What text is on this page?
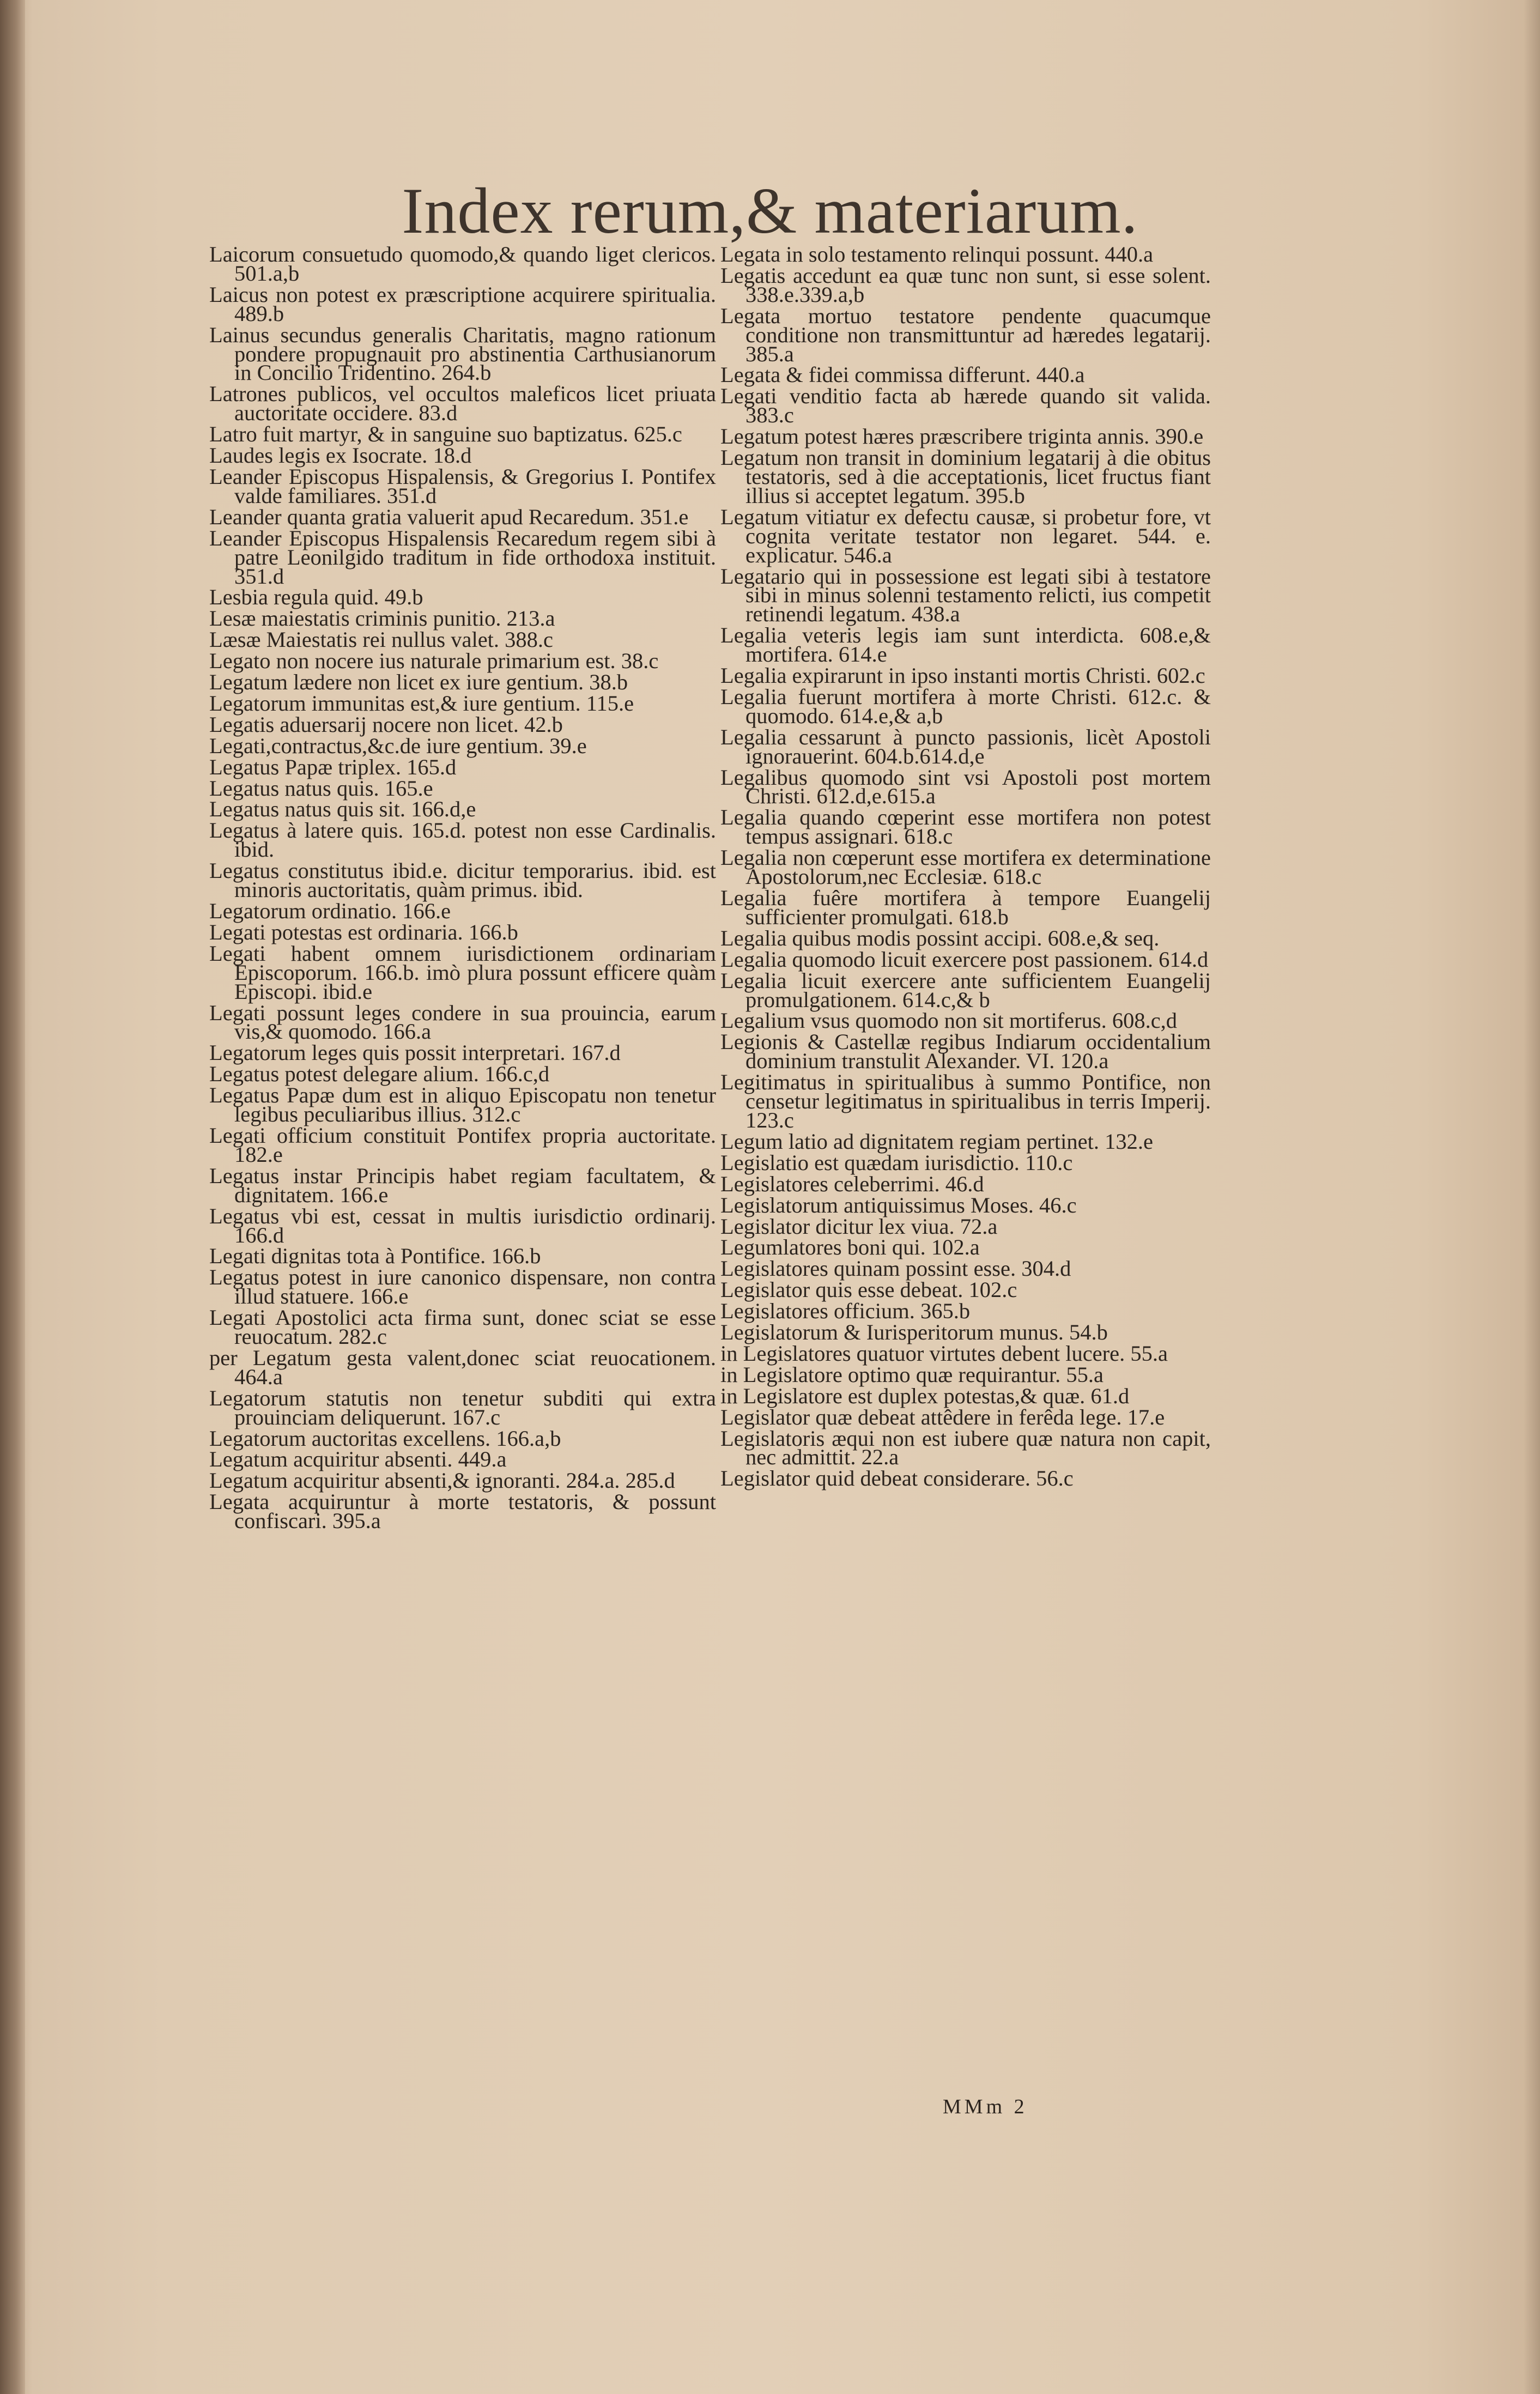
Index rerum,& materiarum.

Laicorum consuetudo quomodo,& quando liget clericos. 501.a,b

Laicus non potest ex præscriptione acquirere spiritualia. 489.b

Lainus secundus generalis Charitatis, magno rationum pondere propugnauit pro abstinentia Carthusianorum in Concilio Tridentino. 264.b

Latrones publicos, vel occultos maleficos licet priuata auctoritate occidere. 83.d

Latro fuit martyr, & in sanguine suo baptizatus. 625.c

Laudes legis ex Isocrate. 18.d

Leander Episcopus Hispalensis, & Gregorius I. Pontifex valde familiares. 351.d

Leander quanta gratia valuerit apud Recaredum. 351.e

Leander Episcopus Hispalensis Recaredum regem sibi à patre Leonilgido traditum in fide orthodoxa instituit. 351.d

Lesbia regula quid. 49.b

Lesæ maiestatis criminis punitio. 213.a

Læsæ Maiestatis rei nullus valet. 388.c

Legato non nocere ius naturale primarium est. 38.c

Legatum lædere non licet ex iure gentium. 38.b

Legatorum immunitas est,& iure gentium. 115.e

Legatis aduersarij nocere non licet. 42.b

Legati,contractus,&c.de iure gentium. 39.e

Legatus Papæ triplex. 165.d

Legatus natus quis. 165.e

Legatus natus quis sit. 166.d,e

Legatus à latere quis. 165.d. potest non esse Cardinalis. ibid.

Legatus constitutus ibid.e. dicitur temporarius. ibid. est minoris auctoritatis, quàm primus. ibid.

Legatorum ordinatio. 166.e

Legati potestas est ordinaria. 166.b

Legati habent omnem iurisdictionem ordinariam Episcoporum. 166.b. imò plura possunt efficere quàm Episcopi. ibid.e

Legati possunt leges condere in sua prouincia, earum vis,& quomodo. 166.a

Legatorum leges quis possit interpretari. 167.d

Legatus potest delegare alium. 166.c,d

Legatus Papæ dum est in aliquo Episcopatu non tenetur legibus peculiaribus illius. 312.c

Legati officium constituit Pontifex propria auctoritate. 182.e

Legatus instar Principis habet regiam facultatem, & dignitatem. 166.e

Legatus vbi est, cessat in multis iurisdictio ordinarij. 166.d

Legati dignitas tota à Pontifice. 166.b

Legatus potest in iure canonico dispensare, non contra illud statuere. 166.e

Legati Apostolici acta firma sunt, donec sciat se esse reuocatum. 282.c

per Legatum gesta valent,donec sciat reuocationem. 464.a

Legatorum statutis non tenetur subditi qui extra prouinciam deliquerunt. 167.c

Legatorum auctoritas excellens. 166.a,b

Legatum acquiritur absenti. 449.a

Legatum acquiritur absenti,& ignoranti. 284.a. 285.d

Legata acquiruntur à morte testatoris, & possunt confiscari. 395.a

Legata in solo testamento relinqui possunt. 440.a

Legatis accedunt ea quæ tunc non sunt, si esse solent. 338.e.339.a,b

Legata mortuo testatore pendente quacumque conditione non transmittuntur ad hæredes legatarij. 385.a

Legata & fidei commissa differunt. 440.a

Legati venditio facta ab hærede quando sit valida. 383.c

Legatum potest hæres præscribere triginta annis. 390.e

Legatum non transit in dominium legatarij à die obitus testatoris, sed à die acceptationis, licet fructus fiant illius si acceptet legatum. 395.b

Legatum vitiatur ex defectu causæ, si probetur fore, vt cognita veritate testator non legaret. 544. e. explicatur. 546.a

Legatario qui in possessione est legati sibi à testatore sibi in minus solenni testamento relicti, ius competit retinendi legatum. 438.a

Legalia veteris legis iam sunt interdicta. 608.e,& mortifera. 614.e

Legalia expirarunt in ipso instanti mortis Christi. 602.c

Legalia fuerunt mortifera à morte Christi. 612.c. & quomodo. 614.e,& a,b

Legalia cessarunt à puncto passionis, licèt Apostoli ignorauerint. 604.b.614.d,e

Legalibus quomodo sint vsi Apostoli post mortem Christi. 612.d,e.615.a

Legalia quando cœperint esse mortifera non potest tempus assignari. 618.c

Legalia non cœperunt esse mortifera ex determinatione Apostolorum,nec Ecclesiæ. 618.c

Legalia fuêre mortifera à tempore Euangelij sufficienter promulgati. 618.b

Legalia quibus modis possint accipi. 608.e,& seq.

Legalia quomodo licuit exercere post passionem. 614.d

Legalia licuit exercere ante sufficientem Euangelij promulgationem. 614.c,& b

Legalium vsus quomodo non sit mortiferus. 608.c,d

Legionis & Castellæ regibus Indiarum occidentalium dominium transtulit Alexander. VI. 120.a

Legitimatus in spiritualibus à summo Pontifice, non censetur legitimatus in spiritualibus in terris Imperij. 123.c

Legum latio ad dignitatem regiam pertinet. 132.e

Legislatio est quædam iurisdictio. 110.c

Legislatores celeberrimi. 46.d

Legislatorum antiquissimus Moses. 46.c

Legislator dicitur lex viua. 72.a

Legumlatores boni qui. 102.a

Legislatores quinam possint esse. 304.d

Legislator quis esse debeat. 102.c

Legislatores officium. 365.b

Legislatorum & Iurisperitorum munus. 54.b

in Legislatores quatuor virtutes debent lucere. 55.a

in Legislatore optimo quæ requirantur. 55.a

in Legislatore est duplex potestas,& quæ. 61.d

Legislator quæ debeat attêdere in ferêda lege. 17.e

Legislatoris æqui non est iubere quæ natura non capit, nec admittit. 22.a

Legislator quid debeat considerare. 56.c

MMm 2
